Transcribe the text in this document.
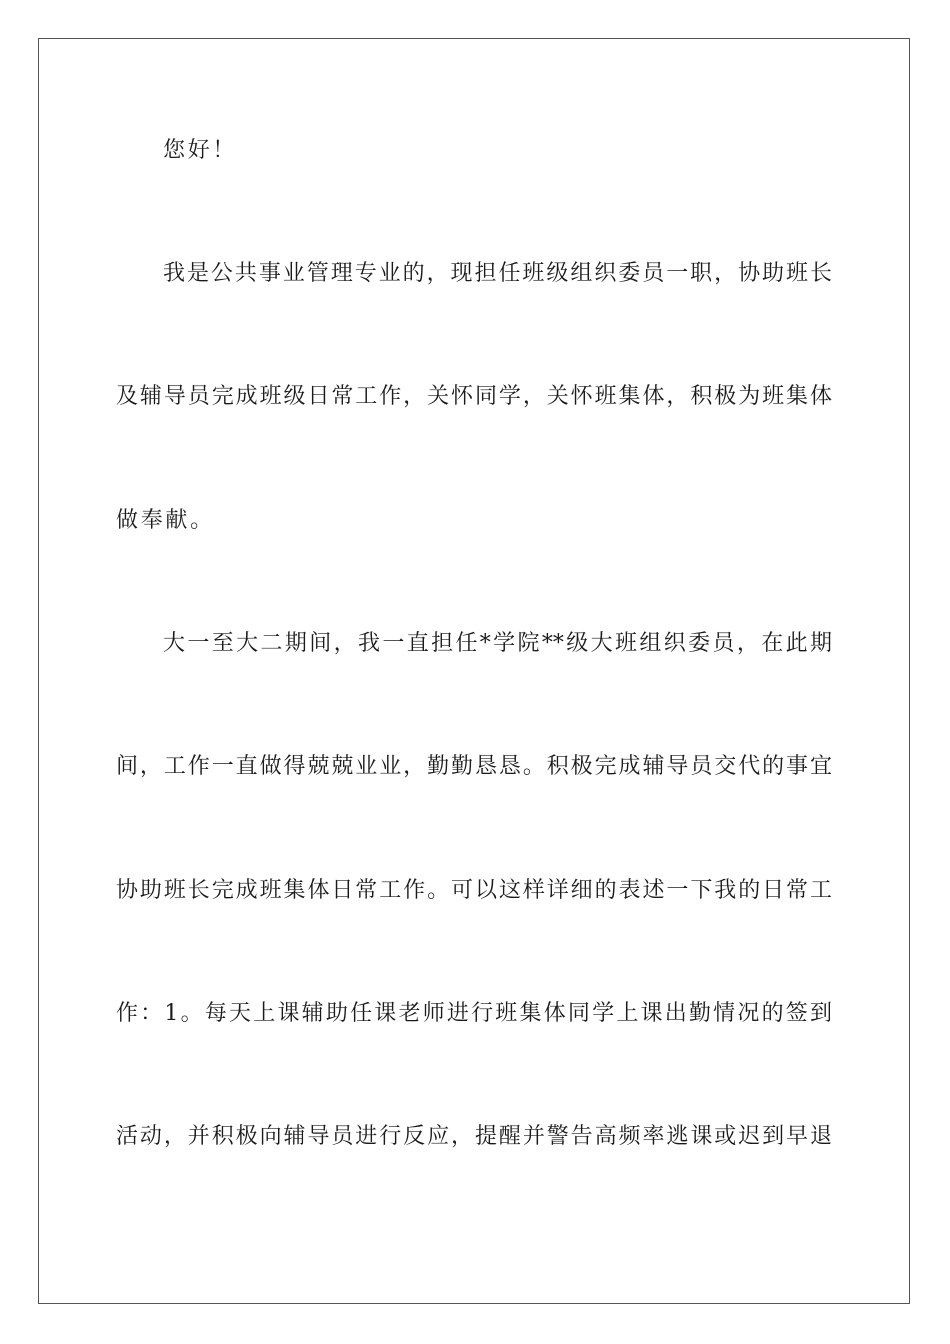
您好！
我是公共事业管理专业的，现担任班级组织委员一职，协助班长
及辅导员完成班级日常工作，关怀同学，关怀班集体，积极为班集体
做奉献。
大一至大二期间，我一直担任*学院**级大班组织委员，在此期
间，工作一直做得兢兢业业，勤勤恳恳。积极完成辅导员交代的事宜
协助班长完成班集体日常工作。可以这样详细的表述一下我的日常工
作：1。每天上课辅助任课老师进行班集体同学上课出勤情况的签到
活动，并积极向辅导员进行反应，提醒并警告高频率逃课或迟到早退
